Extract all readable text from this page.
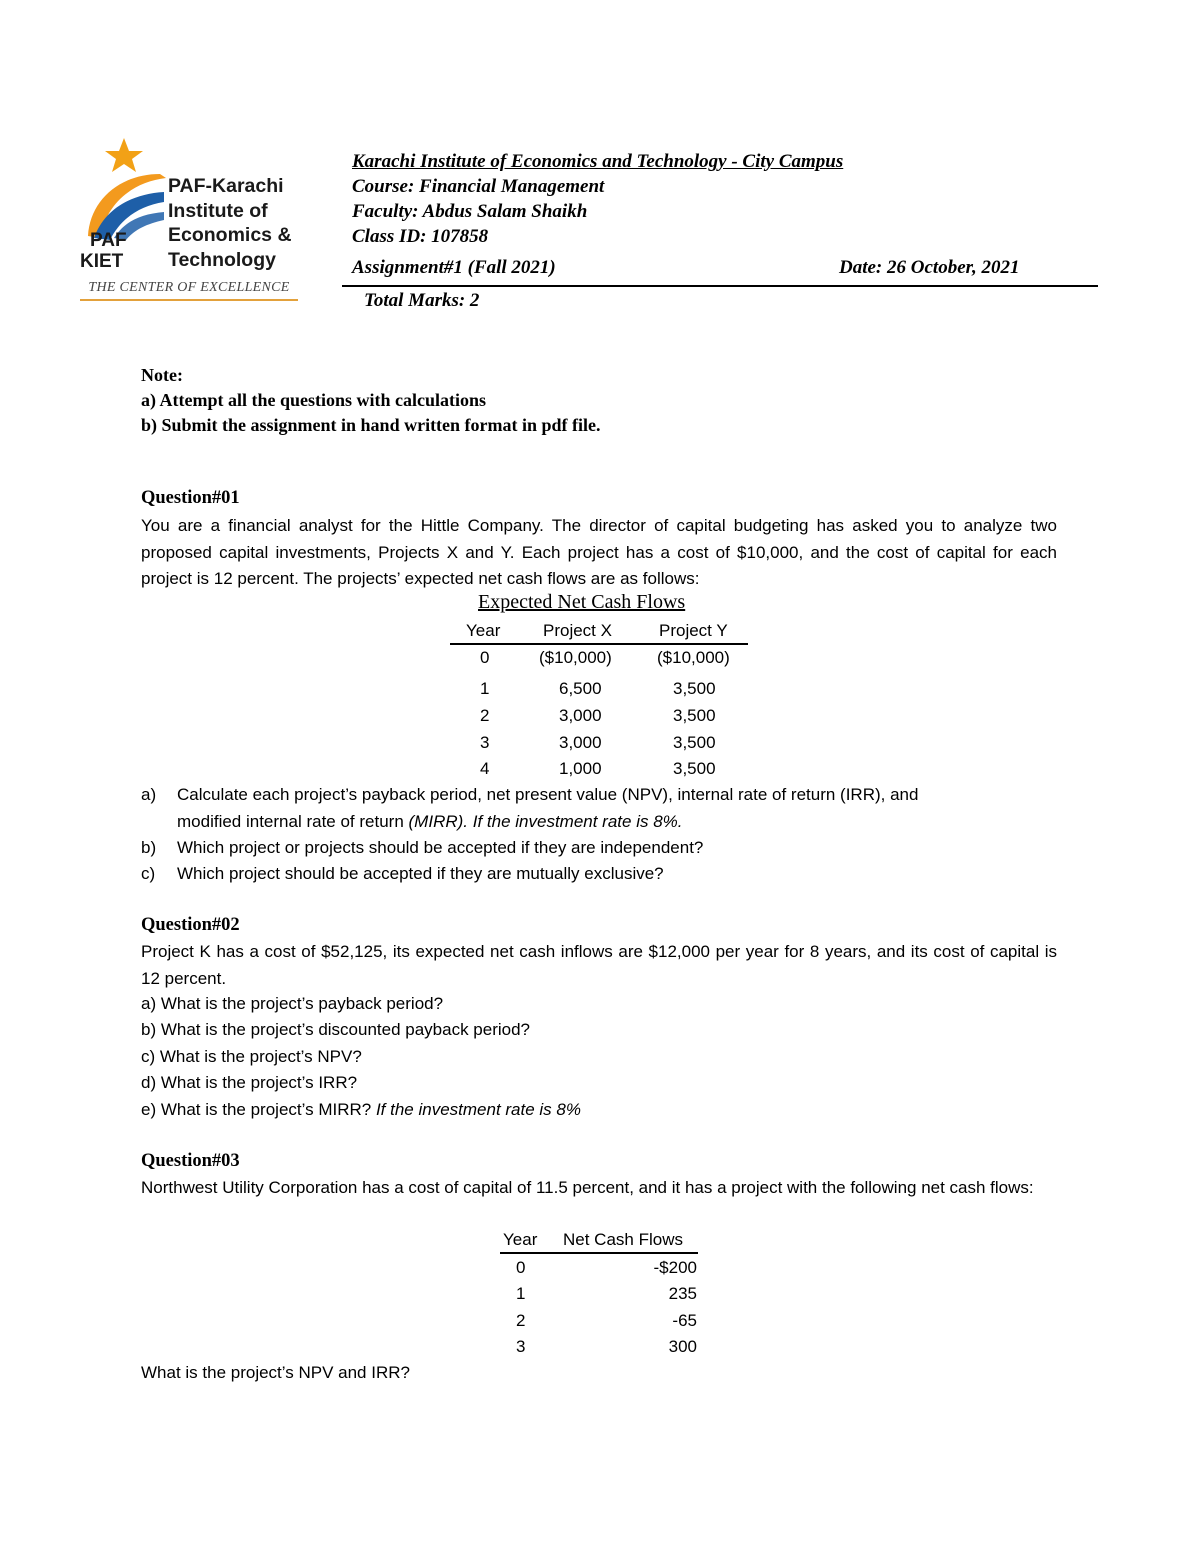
PAF-Karachi
Institute of
Economics &
Technology
PAF
KIET
THE CENTER OF EXCELLENCE
Karachi Institute of Economics and Technology - City Campus
Course: Financial Management
Faculty: Abdus Salam Shaikh
Class ID: 107858
Assignment#1 (Fall 2021)	Date: 26 October, 2021
Total Marks: 2
Note:
a) Attempt all the questions with calculations
b) Submit the assignment in hand written format in pdf file.
Question#01
You are a financial analyst for the Hittle Company. The director of capital budgeting has asked you to analyze two proposed capital investments, Projects X and Y. Each project has a cost of $10,000, and the cost of capital for each project is 12 percent. The projects’ expected net cash flows are as follows:
Expected Net Cash Flows
Year	Project X	Project Y
0	($10,000)	($10,000)
1	6,500	3,500
2	3,000	3,500
3	3,000	3,500
4	1,000	3,500
a) Calculate each project’s payback period, net present value (NPV), internal rate of return (IRR), and
modified internal rate of return (MIRR). If the investment rate is 8%.
b) Which project or projects should be accepted if they are independent?
c) Which project should be accepted if they are mutually exclusive?
Question#02
Project K has a cost of $52,125, its expected net cash inflows are $12,000 per year for 8 years, and its cost of capital is 12 percent.
a) What is the project’s payback period?
b) What is the project’s discounted payback period?
c) What is the project’s NPV?
d) What is the project’s IRR?
e) What is the project’s MIRR? If the investment rate is 8%
Question#03
Northwest Utility Corporation has a cost of capital of 11.5 percent, and it has a project with the following net cash flows:
Year Net Cash Flows
0	-$200
1	235
2	-65
3	300
What is the project’s NPV and IRR?
